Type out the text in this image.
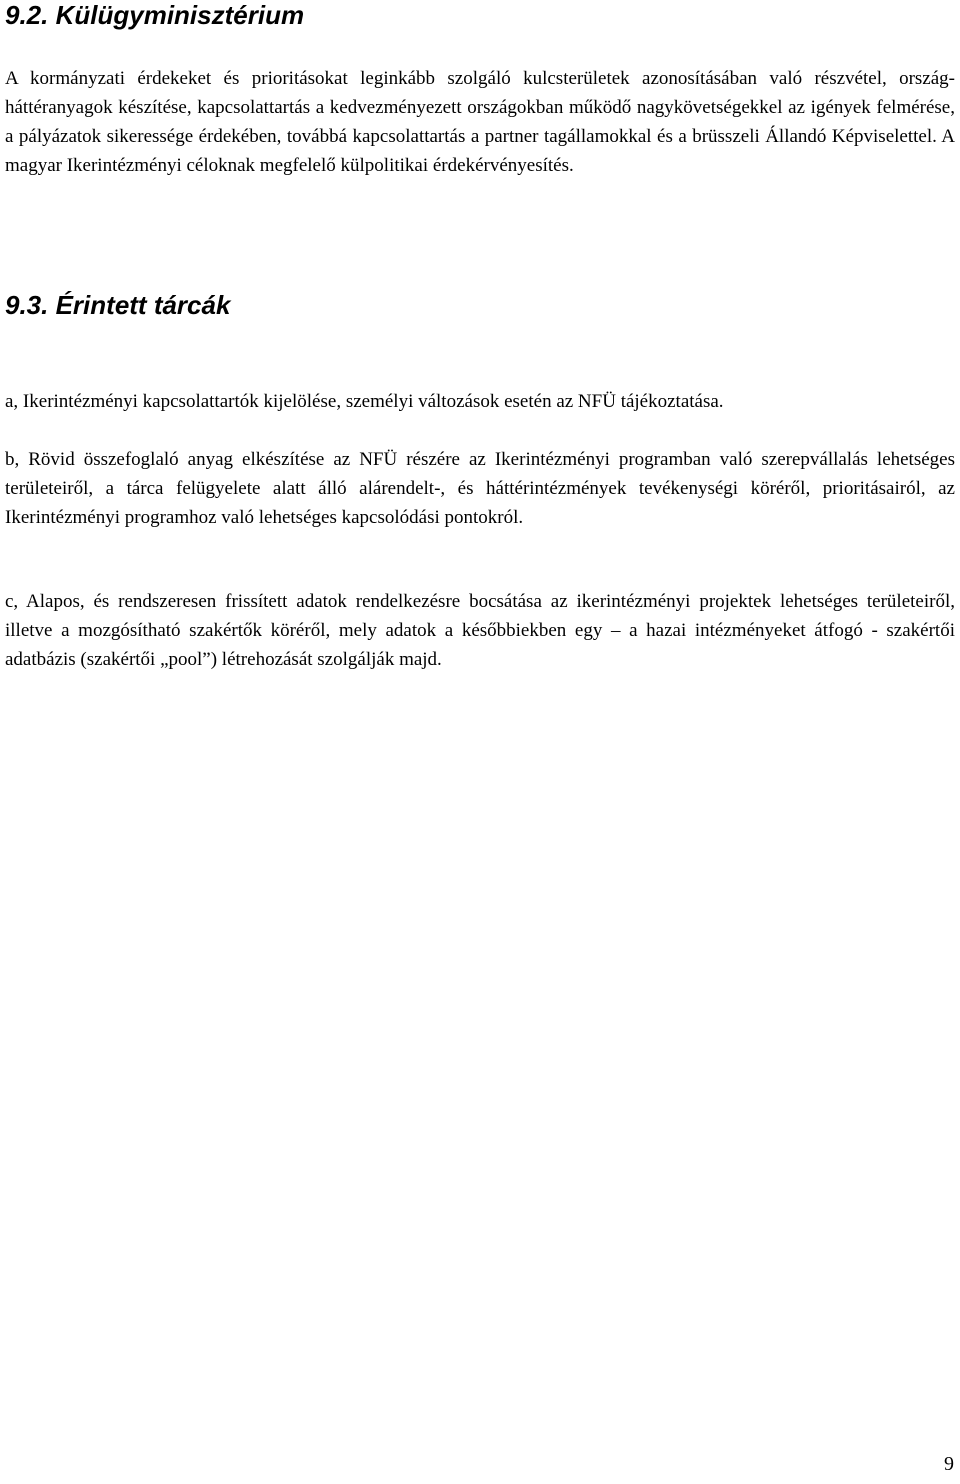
9.2. Külügyminisztérium

A kormányzati érdekeket és prioritásokat leginkább szolgáló kulcsterületek azonosításában való részvétel, ország-háttéranyagok készítése, kapcsolattartás a kedvezményezett országokban működő nagykövetségekkel az igények felmérése, a pályázatok sikeressége érdekében, továbbá kapcsolattartás a partner tagállamokkal és a brüsszeli Állandó Képviselettel. A magyar Ikerintézményi céloknak megfelelő külpolitikai érdekérvényesítés.

9.3. Érintett tárcák

a, Ikerintézményi kapcsolattartók kijelölése, személyi változások esetén az NFÜ tájékoztatása.

b, Rövid összefoglaló anyag elkészítése az NFÜ részére az Ikerintézményi programban való szerepvállalás lehetséges területeiről, a tárca felügyelete alatt álló alárendelt-, és háttérintézmények tevékenységi köréről, prioritásairól, az Ikerintézményi programhoz való lehetséges kapcsolódási pontokról.

c, Alapos, és rendszeresen frissített adatok rendelkezésre bocsátása az ikerintézményi projektek lehetséges területeiről, illetve a mozgósítható szakértők köréről, mely adatok a későbbiekben egy – a hazai intézményeket átfogó - szakértői adatbázis (szakértői „pool”) létrehozását szolgálják majd.

9
